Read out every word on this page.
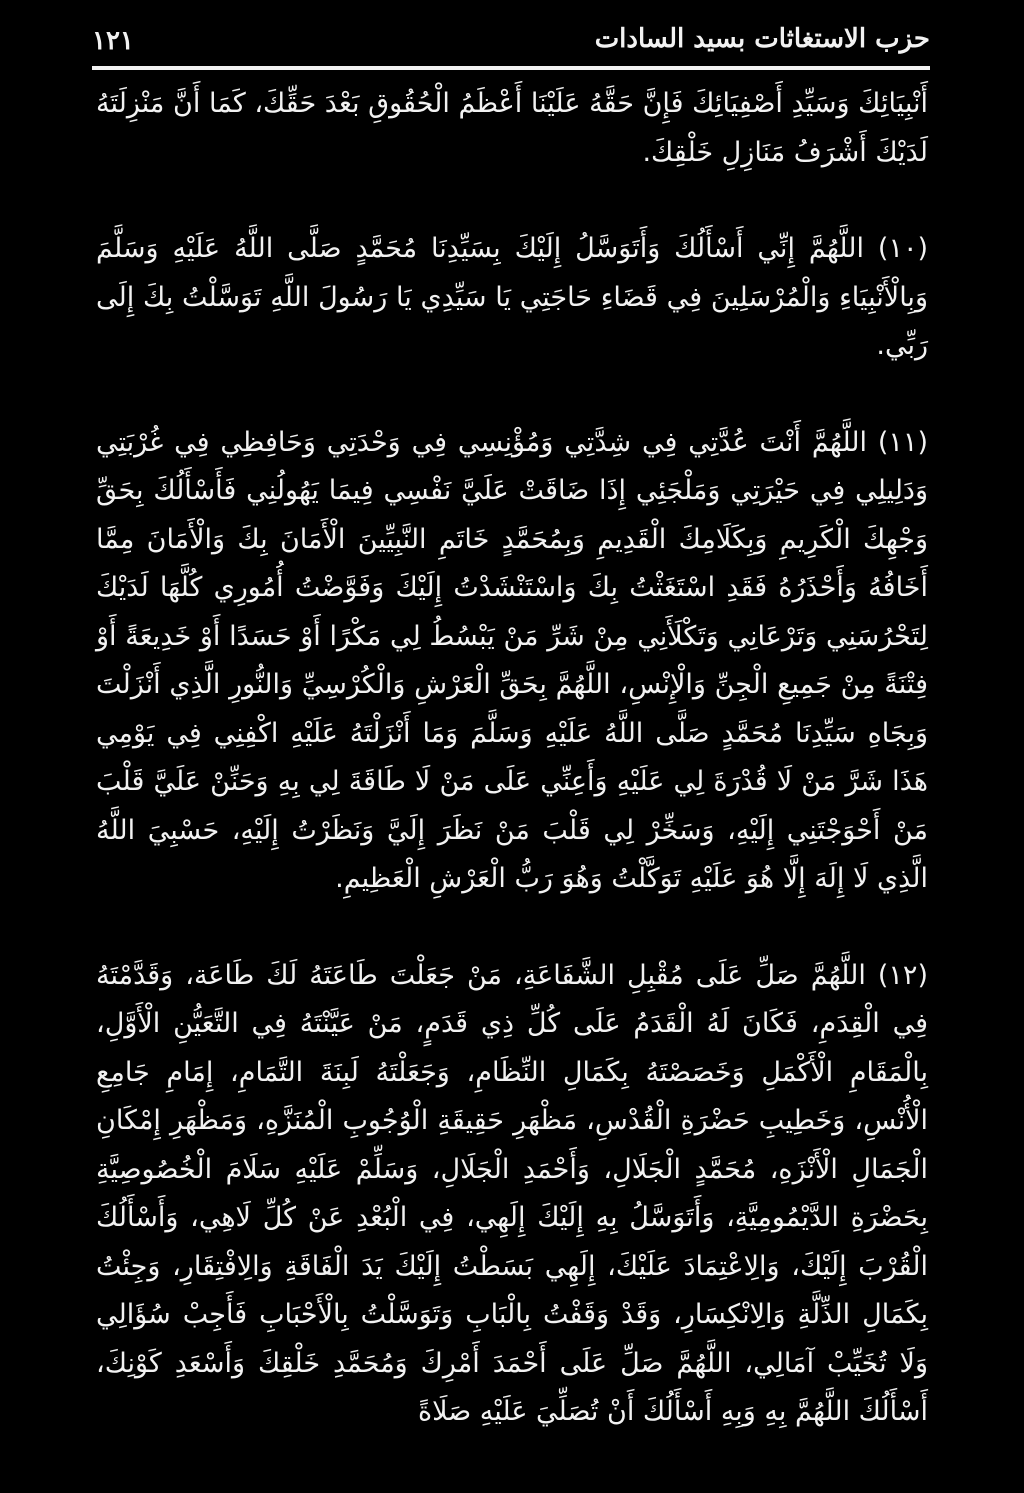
حزب الاستغاثات بسيد السادات
١٢١

أَنْبِيَائِكَ وَسَيِّدِ أَصْفِيَائِكَ فَإِنَّ حَقَّهُ عَلَيْنَا أَعْظَمُ الْحُقُوقِ بَعْدَ حَقِّكَ، كَمَا أَنَّ مَنْزِلَتَهُ لَدَيْكَ أَشْرَفُ مَنَازِلِ خَلْقِكَ.

(١٠) اللَّهُمَّ إِنِّي أَسْأَلُكَ وَأَتَوَسَّلُ إِلَيْكَ بِسَيِّدِنَا مُحَمَّدٍ صَلَّى اللَّهُ عَلَيْهِ وَسَلَّمَ وَبِالْأَنْبِيَاءِ وَالْمُرْسَلِينَ فِي قَضَاءِ حَاجَتِي يَا سَيِّدِي يَا رَسُولَ اللَّهِ تَوَسَّلْتُ بِكَ إِلَى رَبِّي.

(١١) اللَّهُمَّ أَنْتَ عُدَّتِي فِي شِدَّتِي وَمُؤْنِسِي فِي وَحْدَتِي وَحَافِظِي فِي غُرْبَتِي وَدَلِيلِي فِي حَيْرَتِي وَمَلْجَئِي إِذَا ضَاقَتْ عَلَيَّ نَفْسِي فِيمَا يَهُولُنِي فَأَسْأَلُكَ بِحَقِّ وَجْهِكَ الْكَرِيمِ وَبِكَلَامِكَ الْقَدِيمِ وَبِمُحَمَّدٍ خَاتَمِ النَّبِيِّينَ الْأَمَانَ بِكَ وَالْأَمَانَ مِمَّا أَخَافُهُ وَأَحْذَرُهُ فَقَدِ اسْتَغَثْتُ بِكَ وَاسْتَنْشَدْتُ إِلَيْكَ وَفَوَّضْتُ أُمُورِي كُلَّهَا لَدَيْكَ لِتَحْرُسَنِي وَتَرْعَانِي وَتَكْلَأَنِي مِنْ شَرِّ مَنْ يَبْسُطُ لِي مَكْرًا أَوْ حَسَدًا أَوْ خَدِيعَةً أَوْ فِتْنَةً مِنْ جَمِيعِ الْجِنِّ وَالْإِنْسِ، اللَّهُمَّ بِحَقِّ الْعَرْشِ وَالْكُرْسِيِّ وَالنُّورِ الَّذِي أَنْزَلْتَ وَبِجَاهِ سَيِّدِنَا مُحَمَّدٍ صَلَّى اللَّهُ عَلَيْهِ وَسَلَّمَ وَمَا أَنْزَلْتَهُ عَلَيْهِ اكْفِنِي فِي يَوْمِي هَذَا شَرَّ مَنْ لَا قُدْرَةَ لِي عَلَيْهِ وَأَعِنِّي عَلَى مَنْ لَا طَاقَةَ لِي بِهِ وَحَنِّنْ عَلَيَّ قَلْبَ مَنْ أَحْوَجْتَنِي إِلَيْهِ، وَسَخِّرْ لِي قَلْبَ مَنْ نَظَرَ إِلَيَّ وَنَظَرْتُ إِلَيْهِ، حَسْبِيَ اللَّهُ الَّذِي لَا إِلَهَ إِلَّا هُوَ عَلَيْهِ تَوَكَّلْتُ وَهُوَ رَبُّ الْعَرْشِ الْعَظِيمِ.

(١٢) اللَّهُمَّ صَلِّ عَلَى مُقْبِلِ الشَّفَاعَةِ، مَنْ جَعَلْتَ طَاعَتَهُ لَكَ طَاعَة، وَقَدَّمْتَهُ فِي الْقِدَمِ، فَكَانَ لَهُ الْقَدَمُ عَلَى كُلِّ ذِي قَدَمٍ، مَنْ عَيَّنْتَهُ فِي التَّعَيُّنِ الْأَوَّلِ، بِالْمَقَامِ الْأَكْمَلِ وَخَصَصْتَهُ بِكَمَالِ النِّظَامِ، وَجَعَلْتَهُ لَبِنَةَ التَّمَامِ، إِمَامِ جَامِعِ الْأُنْسِ، وَخَطِيبِ حَضْرَةِ الْقُدْسِ، مَظْهَرِ حَقِيقَةِ الْوُجُوبِ الْمُنَزَّهِ، وَمَظْهَرِ إِمْكَانِ الْجَمَالِ الْأَنْزَهِ، مُحَمَّدٍ الْجَلَالِ، وَأَحْمَدِ الْجَلَالِ، وَسَلِّمْ عَلَيْهِ سَلَامَ الْخُصُوصِيَّةِ بِحَضْرَةِ الدَّيْمُومِيَّةِ، وَأَتَوَسَّلُ بِهِ إِلَيْكَ إِلَهِي، فِي الْبُعْدِ عَنْ كُلِّ لَاهِي، وَأَسْأَلُكَ الْقُرْبَ إِلَيْكَ، وَالِاعْتِمَادَ عَلَيْكَ، إِلَهِي بَسَطْتُ إِلَيْكَ يَدَ الْفَاقَةِ وَالِافْتِقَارِ، وَجِئْتُ بِكَمَالِ الذِّلَّةِ وَالِانْكِسَارِ، وَقَدْ وَقَفْتُ بِالْبَابِ وَتَوَسَّلْتُ بِالْأَحْبَابِ فَأَجِبْ سُؤَالِي وَلَا تُخَيِّبْ آمَالِي، اللَّهُمَّ صَلِّ عَلَى أَحْمَدَ أَمْرِكَ وَمُحَمَّدِ خَلْقِكَ وَأَسْعَدِ كَوْنِكَ، أَسْأَلُكَ اللَّهُمَّ بِهِ وَبِهِ أَسْأَلُكَ أَنْ تُصَلِّيَ عَلَيْهِ صَلَاةً
